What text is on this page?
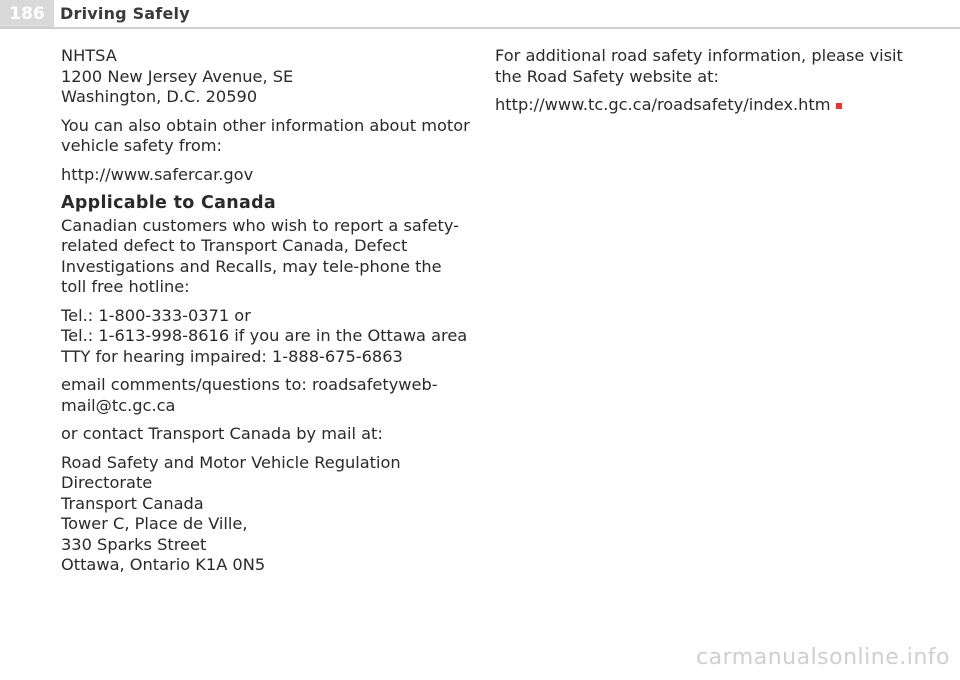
186 Driving Safely

NHTSA
1200 New Jersey Avenue, SE
Washington, D.C. 20590

You can also obtain other information about motor vehicle safety from:

http://www.safercar.gov

Applicable to Canada

Canadian customers who wish to report a safety-related defect to Transport Canada, Defect Investigations and Recalls, may tele-phone the toll free hotline:

Tel.: 1-800-333-0371 or
Tel.: 1-613-998-8616 if you are in the Ottawa area
TTY for hearing impaired: 1-888-675-6863

email comments/questions to: roadsafetyweb-mail@tc.gc.ca

or contact Transport Canada by mail at:

Road Safety and Motor Vehicle Regulation Directorate
Transport Canada
Tower C, Place de Ville,
330 Sparks Street
Ottawa, Ontario K1A 0N5

For additional road safety information, please visit the Road Safety website at:

http://www.tc.gc.ca/roadsafety/index.htm

carmanualsonline.info
